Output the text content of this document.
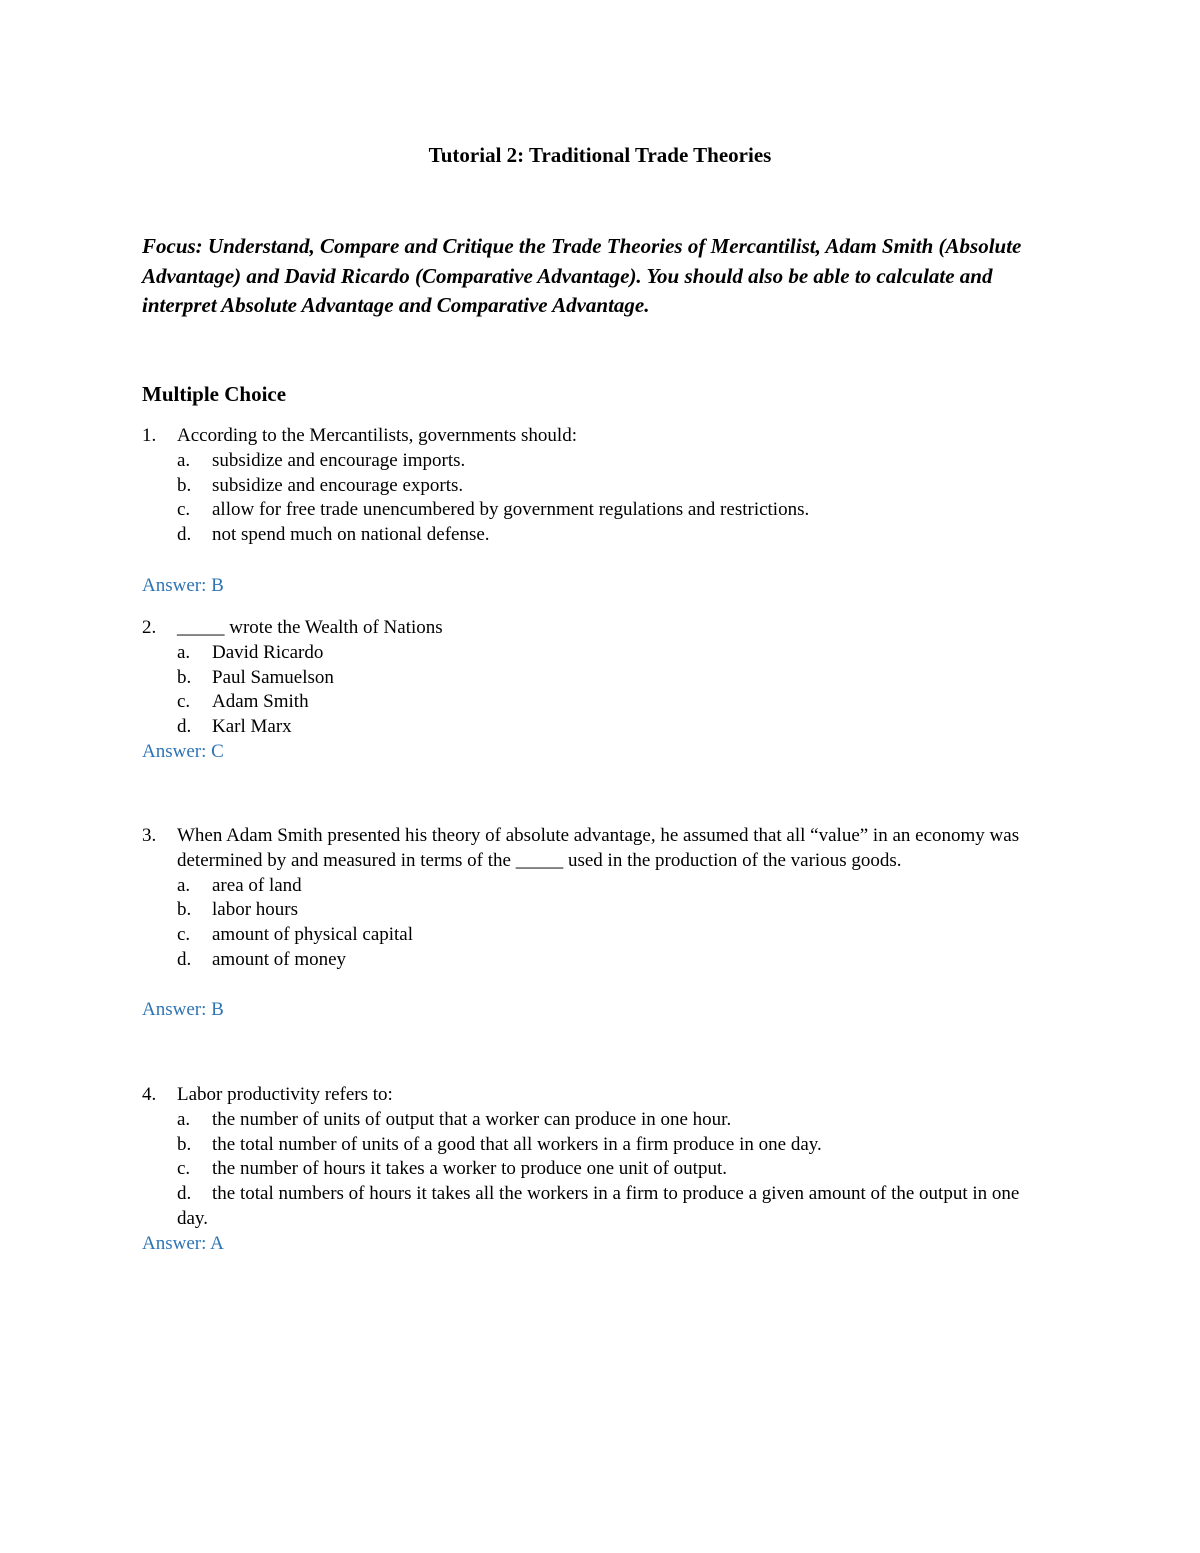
Tutorial 2: Traditional Trade Theories
Focus: Understand, Compare and Critique the Trade Theories of Mercantilist, Adam Smith (Absolute Advantage) and David Ricardo (Comparative Advantage). You should also be able to calculate and interpret Absolute Advantage and Comparative Advantage.
Multiple Choice
1. According to the Mercantilists, governments should:
a. subsidize and encourage imports.
b. subsidize and encourage exports.
c. allow for free trade unencumbered by government regulations and restrictions.
d. not spend much on national defense.
Answer: B
2. _____ wrote the Wealth of Nations
a. David Ricardo
b. Paul Samuelson
c. Adam Smith
d. Karl Marx
Answer: C
3. When Adam Smith presented his theory of absolute advantage, he assumed that all “value” in an economy was determined by and measured in terms of the _____ used in the production of the various goods.
a. area of land
b. labor hours
c. amount of physical capital
d. amount of money
Answer: B
4. Labor productivity refers to:
a. the number of units of output that a worker can produce in one hour.
b. the total number of units of a good that all workers in a firm produce in one day.
c. the number of hours it takes a worker to produce one unit of output.
d. the total numbers of hours it takes all the workers in a firm to produce a given amount of the output in one day.
Answer: A
